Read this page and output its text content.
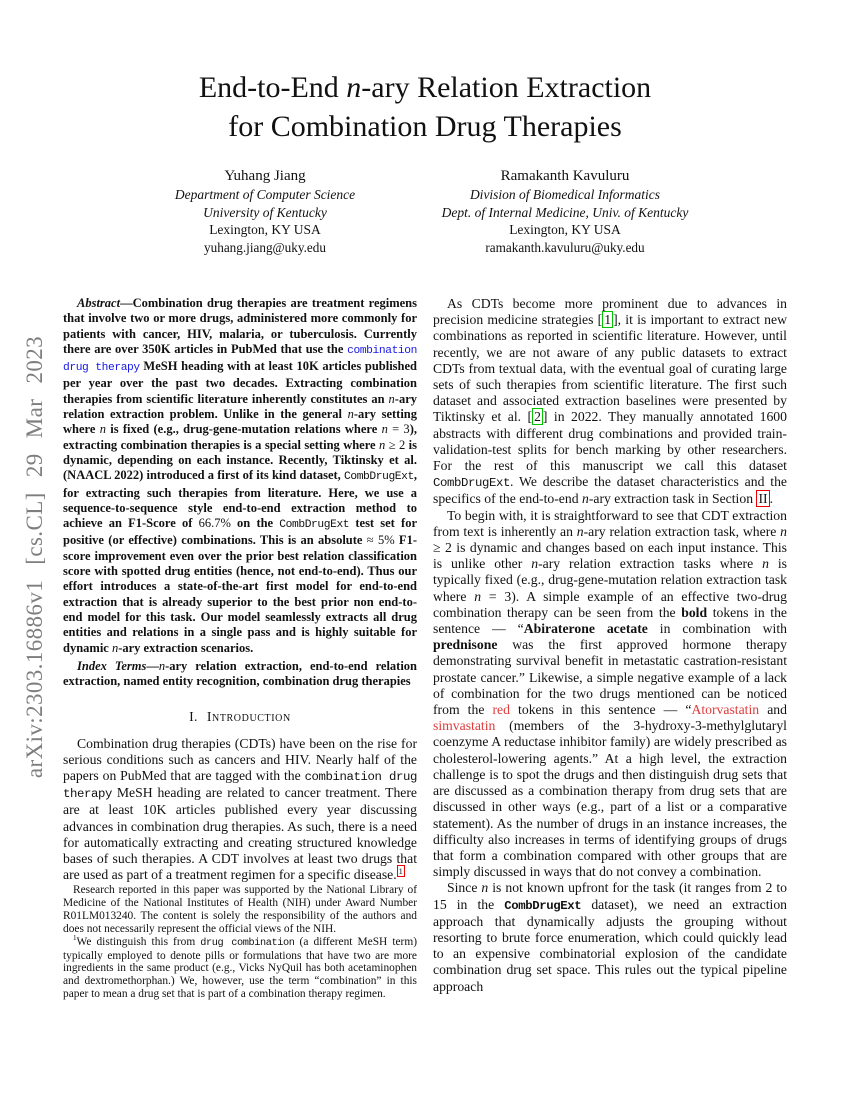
arXiv:2303.16886v1 [cs.CL] 29 Mar 2023
End-to-End n-ary Relation Extraction
for Combination Drug Therapies
Yuhang Jiang
Department of Computer Science
University of Kentucky
Lexington, KY USA
yuhang.jiang@uky.edu
Ramakanth Kavuluru
Division of Biomedical Informatics
Dept. of Internal Medicine, Univ. of Kentucky
Lexington, KY USA
ramakanth.kavuluru@uky.edu

Abstract—Combination drug therapies are treatment regimens that involve two or more drugs, administered more commonly for patients with cancer, HIV, malaria, or tuberculosis. Currently there are over 350K articles in PubMed that use the combination drug therapy MeSH heading with at least 10K articles published per year over the past two decades. Extracting combination therapies from scientific literature inherently constitutes an n-ary relation extraction problem. Unlike in the general n-ary setting where n is fixed (e.g., drug-gene-mutation relations where n = 3), extracting combination therapies is a special setting where n ≥ 2 is dynamic, depending on each instance. Recently, Tiktinsky et al. (NAACL 2022) introduced a first of its kind dataset, CombDrugExt, for extracting such therapies from literature. Here, we use a sequence-to-sequence style end-to-end extraction method to achieve an F1-Score of 66.7% on the CombDrugExt test set for positive (or effective) combinations. This is an absolute ≈ 5% F1-score improvement even over the prior best relation classification score with spotted drug entities (hence, not end-to-end). Thus our effort introduces a state-of-the-art first model for end-to-end extraction that is already superior to the best prior non end-to-end model for this task. Our model seamlessly extracts all drug entities and relations in a single pass and is highly suitable for dynamic n-ary extraction scenarios.

Index Terms—n-ary relation extraction, end-to-end relation extraction, named entity recognition, combination drug therapies

I. Introduction

Combination drug therapies (CDTs) have been on the rise for serious conditions such as cancers and HIV. Nearly half of the papers on PubMed that are tagged with the combination drug therapy MeSH heading are related to cancer treatment. There are at least 10K articles published every year discussing advances in combination drug therapies. As such, there is a need for automatically extracting and creating structured knowledge bases of such therapies. A CDT involves at least two drugs that are used as part of a treatment regimen for a specific disease. $^1$

Research reported in this paper was supported by the National Library of Medicine of the National Institutes of Health (NIH) under Award Number R01LM013240. The content is solely the responsibility of the authors and does not necessarily represent the official views of the NIH.

$^1$We distinguish this from drug combination (a different MeSH term) typically employed to denote pills or formulations that have two are more ingredients in the same product (e.g., Vicks NyQuil has both acetaminophen and dextromethorphan.) We, however, use the term “combination” in this paper to mean a drug set that is part of a combination therapy regimen.

As CDTs become more prominent due to advances in precision medicine strategies [ 1 ], it is important to extract new combinations as reported in scientific literature. However, until recently, we are not aware of any public datasets to extract CDTs from textual data, with the eventual goal of curating large sets of such therapies from scientific literature. The first such dataset and associated extraction baselines were presented by Tiktinsky et al. [ 2 ] in 2022. They manually annotated 1600 abstracts with different drug combinations and provided train-validation-test splits for bench marking by other researchers. For the rest of this manuscript we call this dataset CombDrugExt. We describe the dataset characteristics and the specifics of the end-to-end n-ary extraction task in Section II .

To begin with, it is straightforward to see that CDT extraction from text is inherently an n-ary relation extraction task, where n ≥ 2 is dynamic and changes based on each input instance. This is unlike other n-ary relation extraction tasks where n is typically fixed (e.g., drug-gene-mutation relation extraction task where n = 3). A simple example of an effective two-drug combination therapy can be seen from the bold tokens in the sentence — “Abiraterone acetate in combination with prednisone was the first approved hormone therapy demonstrating survival benefit in metastatic castration-resistant prostate cancer.” Likewise, a simple negative example of a lack of combination for the two drugs mentioned can be noticed from the red tokens in this sentence — “Atorvastatin and simvastatin (members of the 3-hydroxy-3-methylglutaryl coenzyme A reductase inhibitor family) are widely prescribed as cholesterol-lowering agents.” At a high level, the extraction challenge is to spot the drugs and then distinguish drug sets that are discussed as a combination therapy from drug sets that are discussed in other ways (e.g., part of a list or a comparative statement). As the number of drugs in an instance increases, the difficulty also increases in terms of identifying groups of drugs that form a combination compared with other groups that are simply discussed in ways that do not convey a combination.

Since n is not known upfront for the task (it ranges from 2 to 15 in the CombDrugExt dataset), we need an extraction approach that dynamically adjusts the grouping without resorting to brute force enumeration, which could quickly lead to an expensive combinatorial explosion of the candidate combination drug set space. This rules out the typical pipeline approach
